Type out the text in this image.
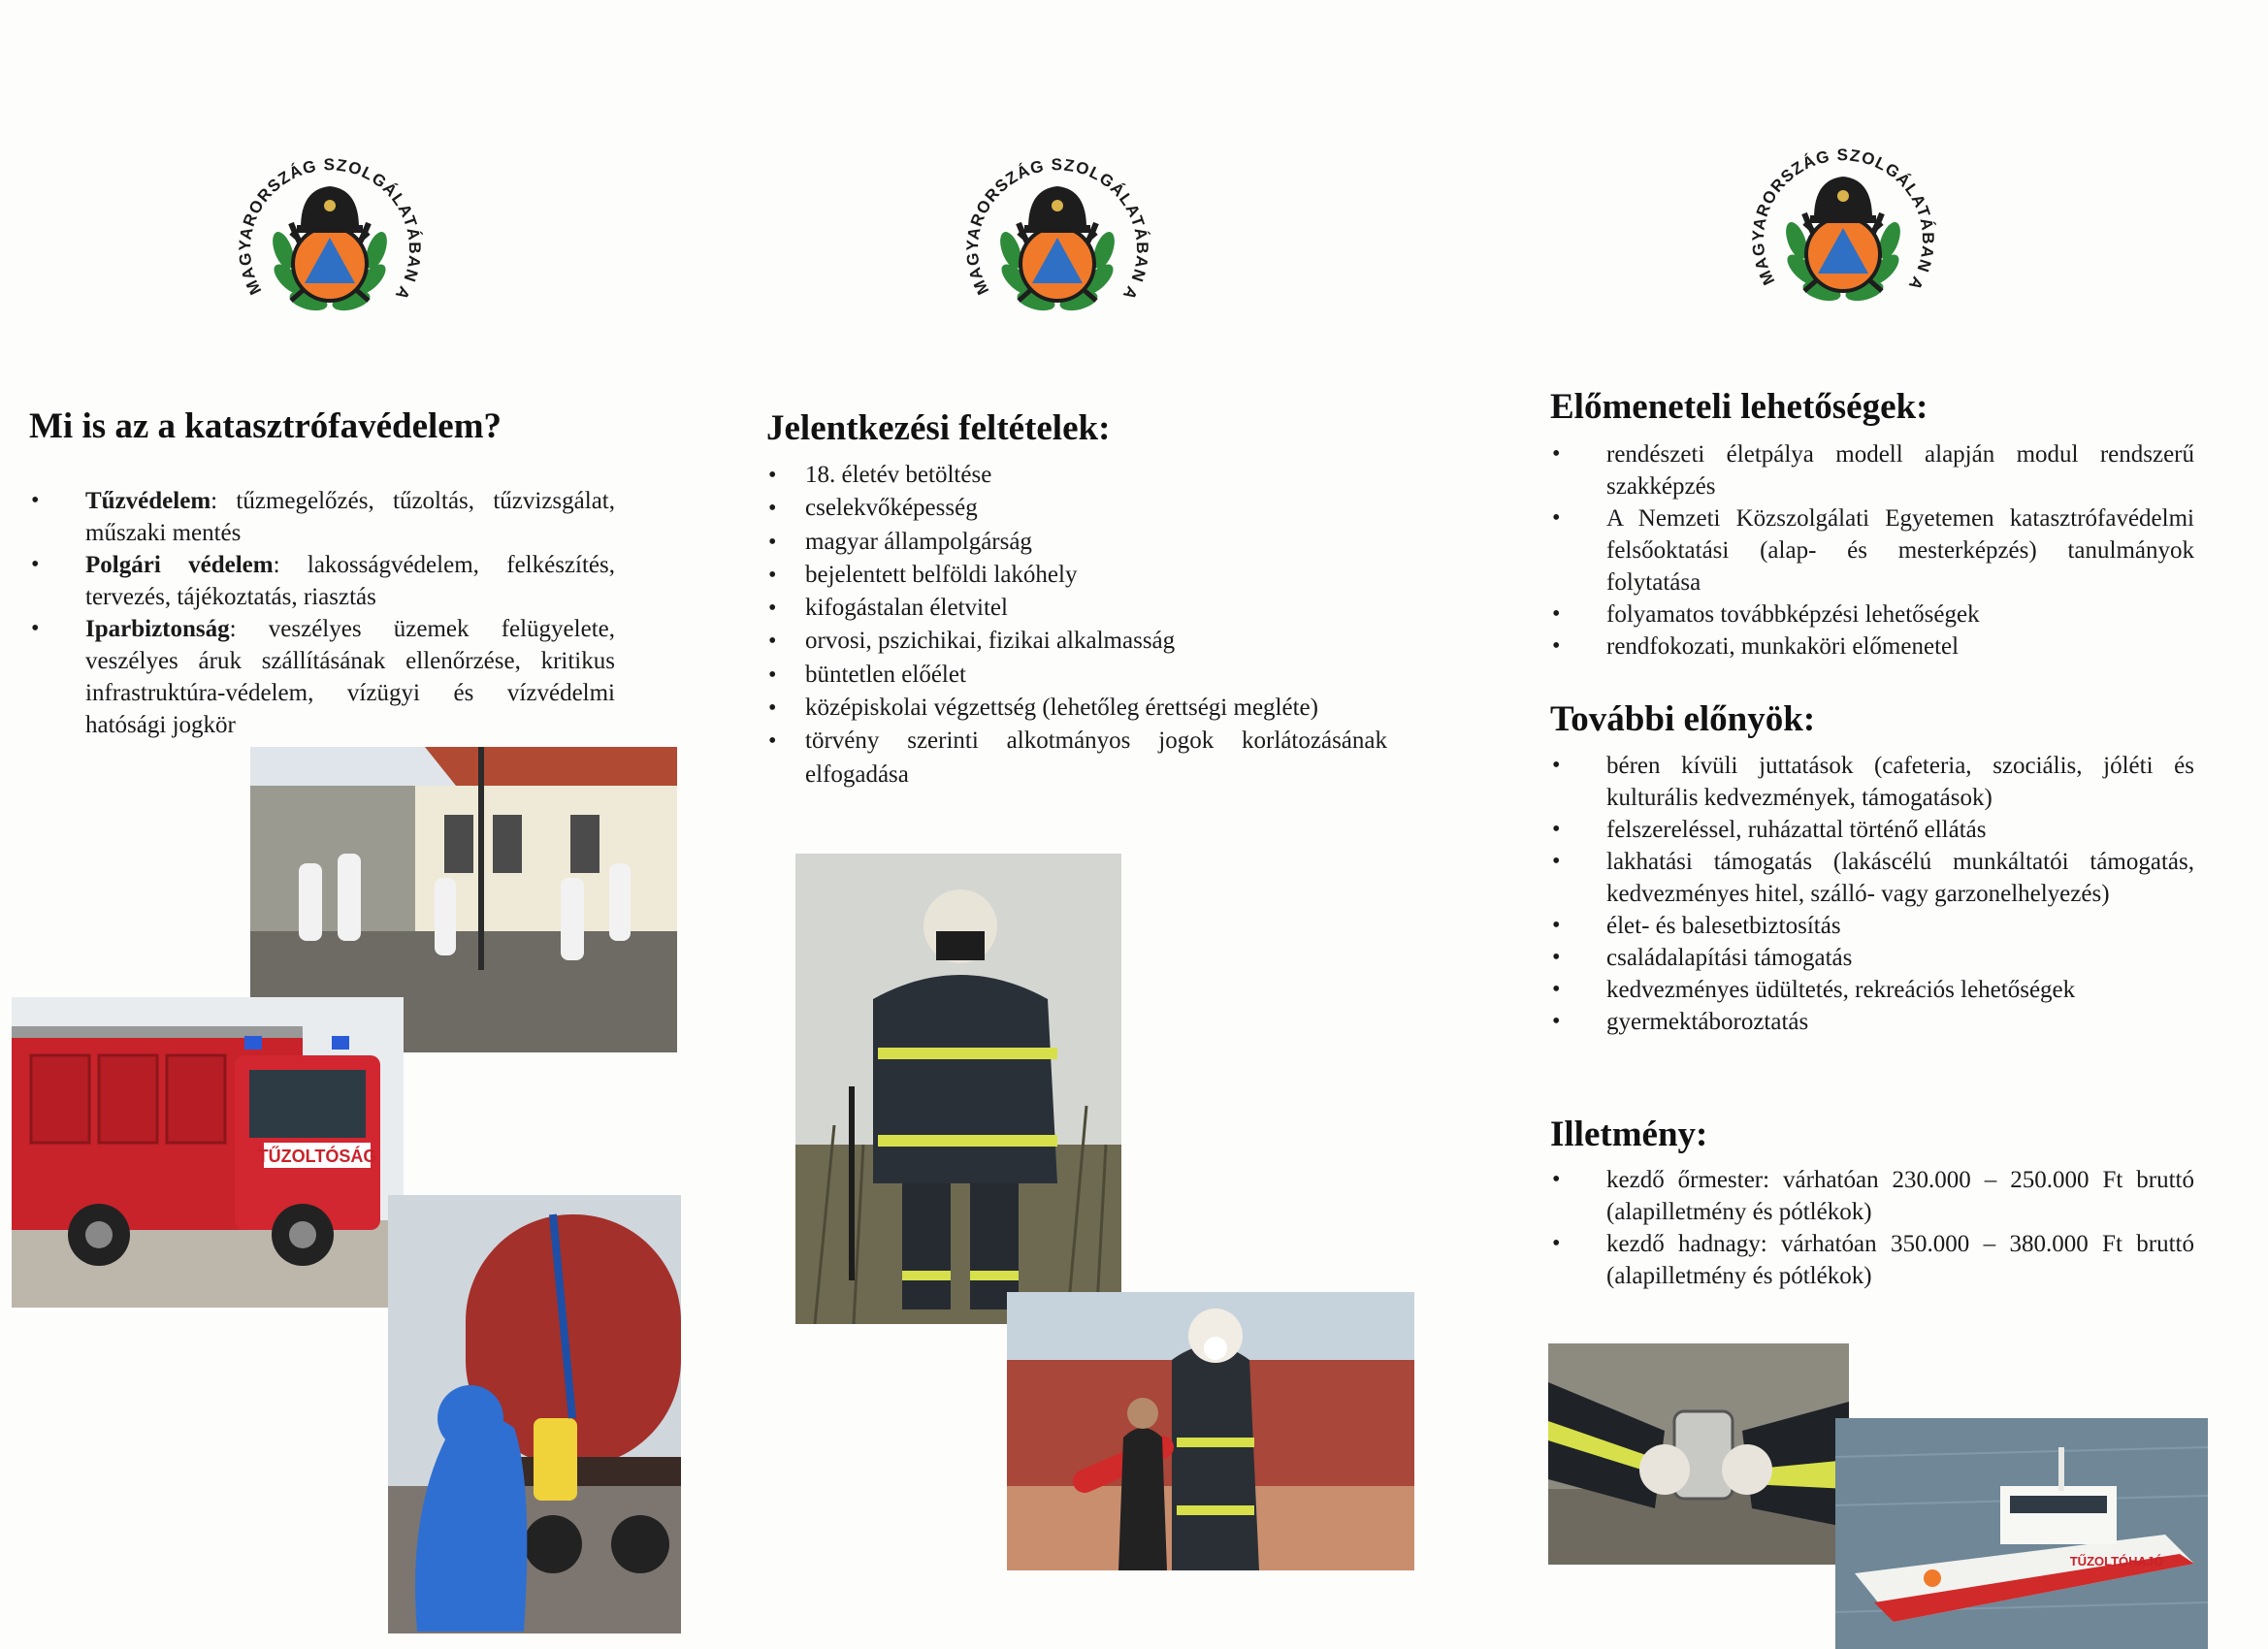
Mi is az a katasztrófavédelem?
• Tűzvédelem: tűzmegelőzés, tűzoltás, tűzvizsgálat, műszaki mentés
• Polgári védelem: lakosságvédelem, felkészítés, tervezés, tájékoztatás, riasztás
• Iparbiztonság: veszélyes üzemek felügyelete, veszélyes áruk szállításának ellenőrzése, kritikus infrastruktúra-védelem, vízügyi és vízvédelmi hatósági jogkör
TŰZOLTÓSÁG
Jelentkezési feltételek:
• 18. életév betöltése
• cselekvőképesség
• magyar állampolgárság
• bejelentett belföldi lakóhely
• kifogástalan életvitel
• orvosi, pszichikai, fizikai alkalmasság
• büntetlen előélet
• középiskolai végzettség (lehetőleg érettségi megléte)
• törvény szerinti alkotmányos jogok korlátozásának elfogadása
Előmeneteli lehetőségek:
• rendészeti életpálya modell alapján modul rendszerű szakképzés
• A Nemzeti Közszolgálati Egyetemen katasztrófavédelmi felsőoktatási (alap- és mesterképzés) tanulmányok folytatása
• folyamatos továbbképzési lehetőségek
• rendfokozati, munkaköri előmenetel
További előnyök:
• béren kívüli juttatások (cafeteria, szociális, jóléti és kulturális kedvezmények, támogatások)
• felszereléssel, ruházattal történő ellátás
• lakhatási támogatás (lakáscélú munkáltatói támogatás, kedvezményes hitel, szálló- vagy garzonelhelyezés)
• élet- és balesetbiztosítás
• családalapítási támogatás
• kedvezményes üdültetés, rekreációs lehetőségek
• gyermektáboroztatás
Illetmény:
• kezdő őrmester: várhatóan 230.000 – 250.000 Ft bruttó (alapilletmény és pótlékok)
• kezdő hadnagy: várhatóan 350.000 – 380.000 Ft bruttó (alapilletmény és pótlékok)
TŰZOLTÓHAJÓ
